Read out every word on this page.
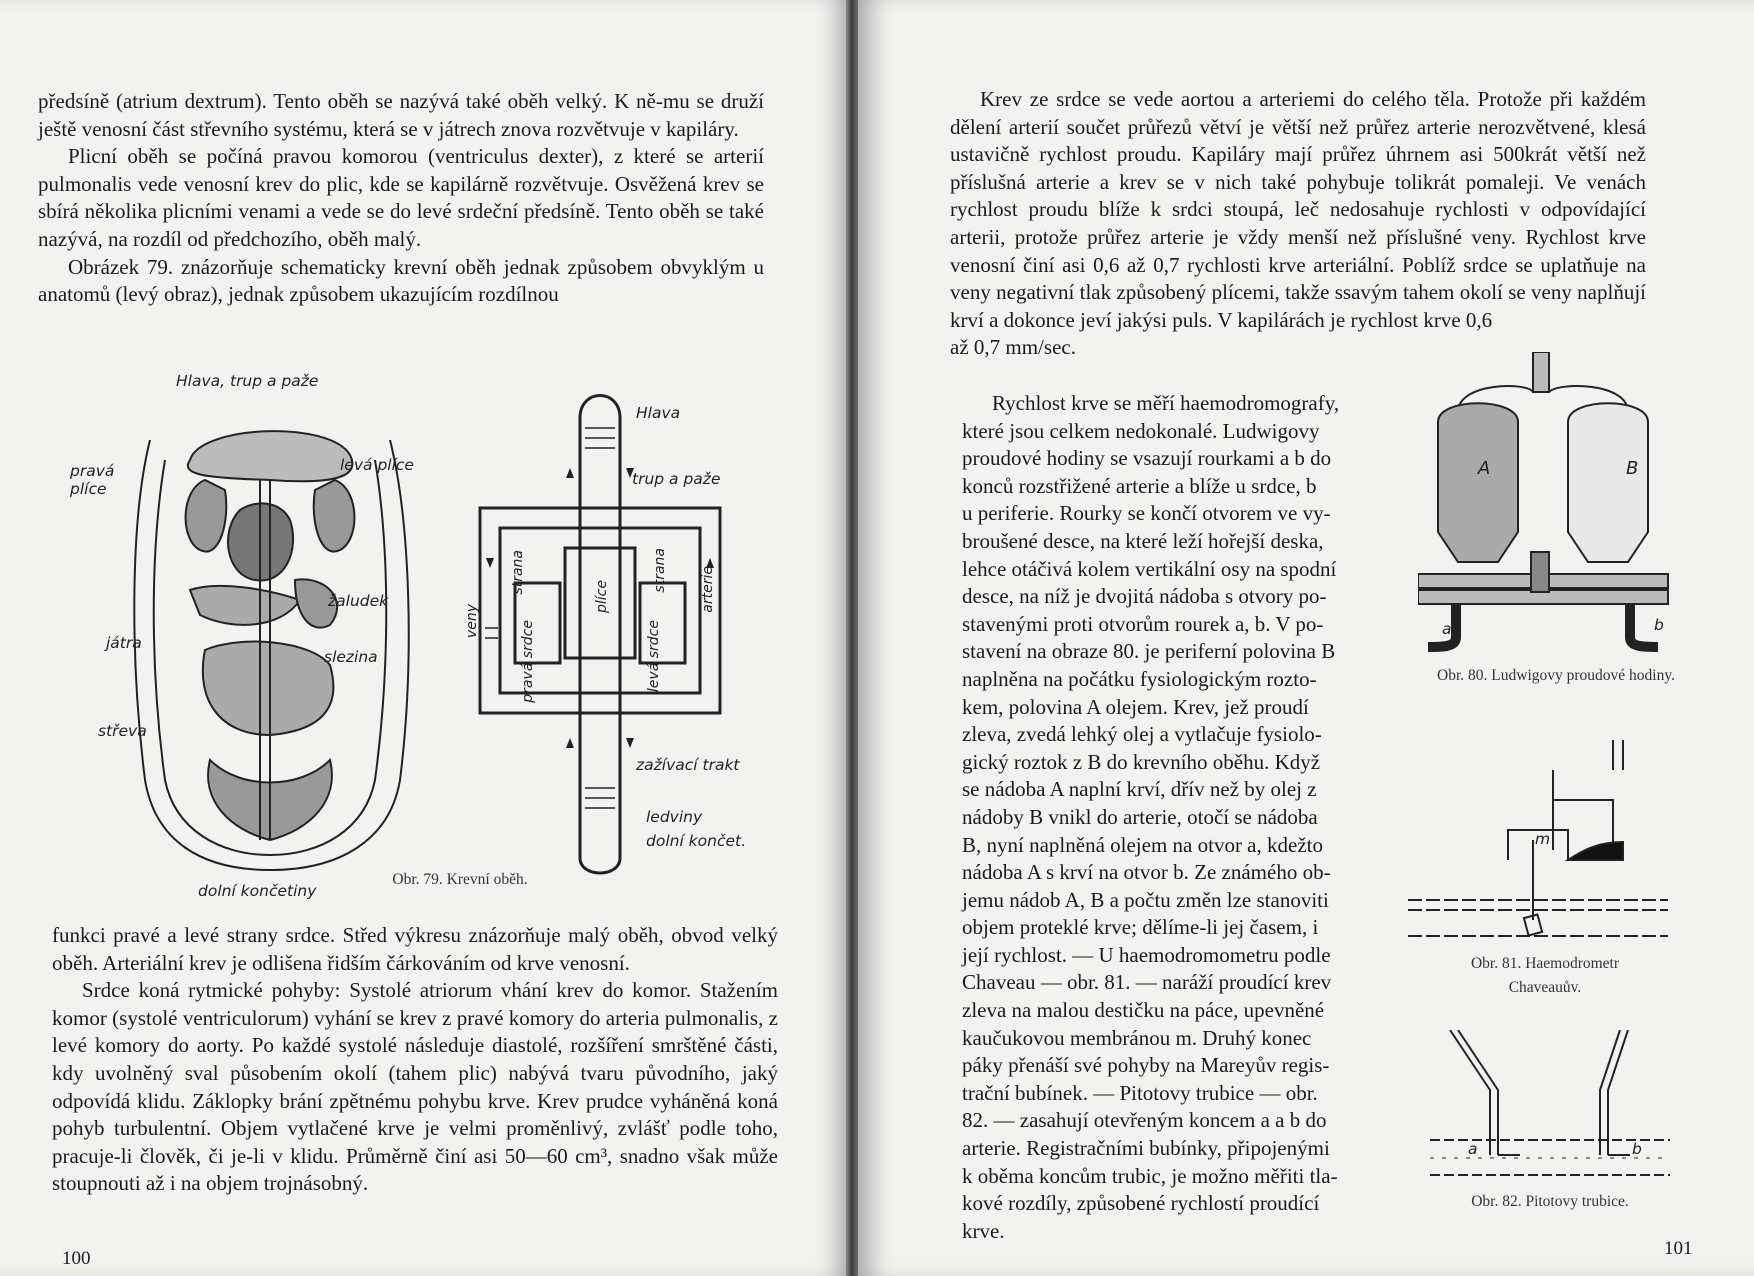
předsíně (atrium dextrum). Tento oběh se nazývá také oběh velký. K ně-mu se druží ještě venosní část střevního systému, která se v játrech znova rozvětvuje v kapiláry.

Plicní oběh se počíná pravou komorou (ventriculus dexter), z které se arterií pulmonalis vede venosní krev do plic, kde se kapilárně rozvětvuje. Osvěžená krev se sbírá několika plicními venami a vede se do levé srdeční předsíně. Tento oběh se také nazývá, na rozdíl od předchozího, oběh malý.

Obrázek 79. znázorňuje schematicky krevní oběh jednak způsobem obvyklým u anatomů (levý obraz), jednak způsobem ukazujícím rozdílnou

Hlava, trup a paže
pravá plíce
levá plíce
žaludek
játra
slezina
střeva
dolní končetiny
Hlava
trup a paže
veny
strana
pravá srdce
plíce
strana
levá srdce
arterie
zažívací trakt
ledviny
dolní končet.
Obr. 79. Krevní oběh.

funkci pravé a levé strany srdce. Střed výkresu znázorňuje malý oběh, obvod velký oběh. Arteriální krev je odlišena řidším čárkováním od krve venosní.

Srdce koná rytmické pohyby: Systolé atriorum vhání krev do komor. Stažením komor (systolé ventriculorum) vyhání se krev z pravé komory do arteria pulmonalis, z levé komory do aorty. Po každé systolé následuje diastolé, rozšíření smrštěné části, kdy uvolněný sval působením okolí (tahem plic) nabývá tvaru původního, jaký odpovídá klidu. Záklopky brání zpětnému pohybu krve. Krev prudce vyháněná koná pohyb turbulentní. Objem vytlačené krve je velmi proměnlivý, zvlášť podle toho, pracuje-li člověk, či je-li v klidu. Průměrně činí asi 50—60 cm³, snadno však může stoupnouti až i na objem trojnásobný.

100

Krev ze srdce se vede aortou a arteriemi do celého těla. Protože při každém dělení arterií součet průřezů větví je větší než průřez arterie nerozvětvené, klesá ustavičně rychlost proudu. Kapiláry mají průřez úhrnem asi 500krát větší než příslušná arterie a krev se v nich také pohybuje tolikrát pomaleji. Ve venách rychlost proudu blíže k srdci stoupá, leč nedosahuje rychlosti v odpovídající arterii, protože průřez arterie je vždy menší než příslušné veny. Rychlost krve venosní činí asi 0,6 až 0,7 rychlosti krve arteriální. Poblíž srdce se uplatňuje na veny negativní tlak způsobený plícemi, takže ssavým tahem okolí se veny naplňují krví a dokonce jeví jakýsi puls. V kapilárách je rychlost krve 0,6

až 0,7 mm/sec.

Rychlost krve se měří haemodromografy,

které jsou celkem nedokonalé. Ludwigovy

proudové hodiny se vsazují rourkami a b do

konců rozstřižené arterie a blíže u srdce, b

u periferie. Rourky se končí otvorem ve vy-

broušené desce, na které leží hořejší deska,

lehce otáčivá kolem vertikální osy na spodní

desce, na níž je dvojitá nádoba s otvory po-

stavenými proti otvorům rourek a, b. V po-

stavení na obraze 80. je periferní polovina B

naplněna na počátku fysiologickým rozto-

kem, polovina A olejem. Krev, jež proudí

zleva, zvedá lehký olej a vytlačuje fysiolo-

gický roztok z B do krevního oběhu. Když

se nádoba A naplní krví, dřív než by olej z

nádoby B vnikl do arterie, otočí se nádoba

B, nyní naplněná olejem na otvor a, kdežto

nádoba A s krví na otvor b. Ze známého ob-

jemu nádob A, B a počtu změn lze stanoviti

objem proteklé krve; dělíme-li jej časem, i

její rychlost. — U haemodromometru podle

Chaveau — obr. 81. — naráží proudící krev

zleva na malou destičku na páce, upevněné

kaučukovou membránou m. Druhý konec

páky přenáší své pohyby na Mareyův regis-

trační bubínek. — Pitotovy trubice — obr.

82. — zasahují otevřeným koncem a a b do

arterie. Registračními bubínky, připojenými

k oběma koncům trubic, je možno měřiti tla-

kové rozdíly, způsobené rychlostí proudící

krve.

A	B
a	b
Obr. 80. Ludwigovy proudové hodiny.
m
Obr. 81. Haemodrometr Chaveauův.
a	b
Obr. 82. Pitotovy trubice.
101
